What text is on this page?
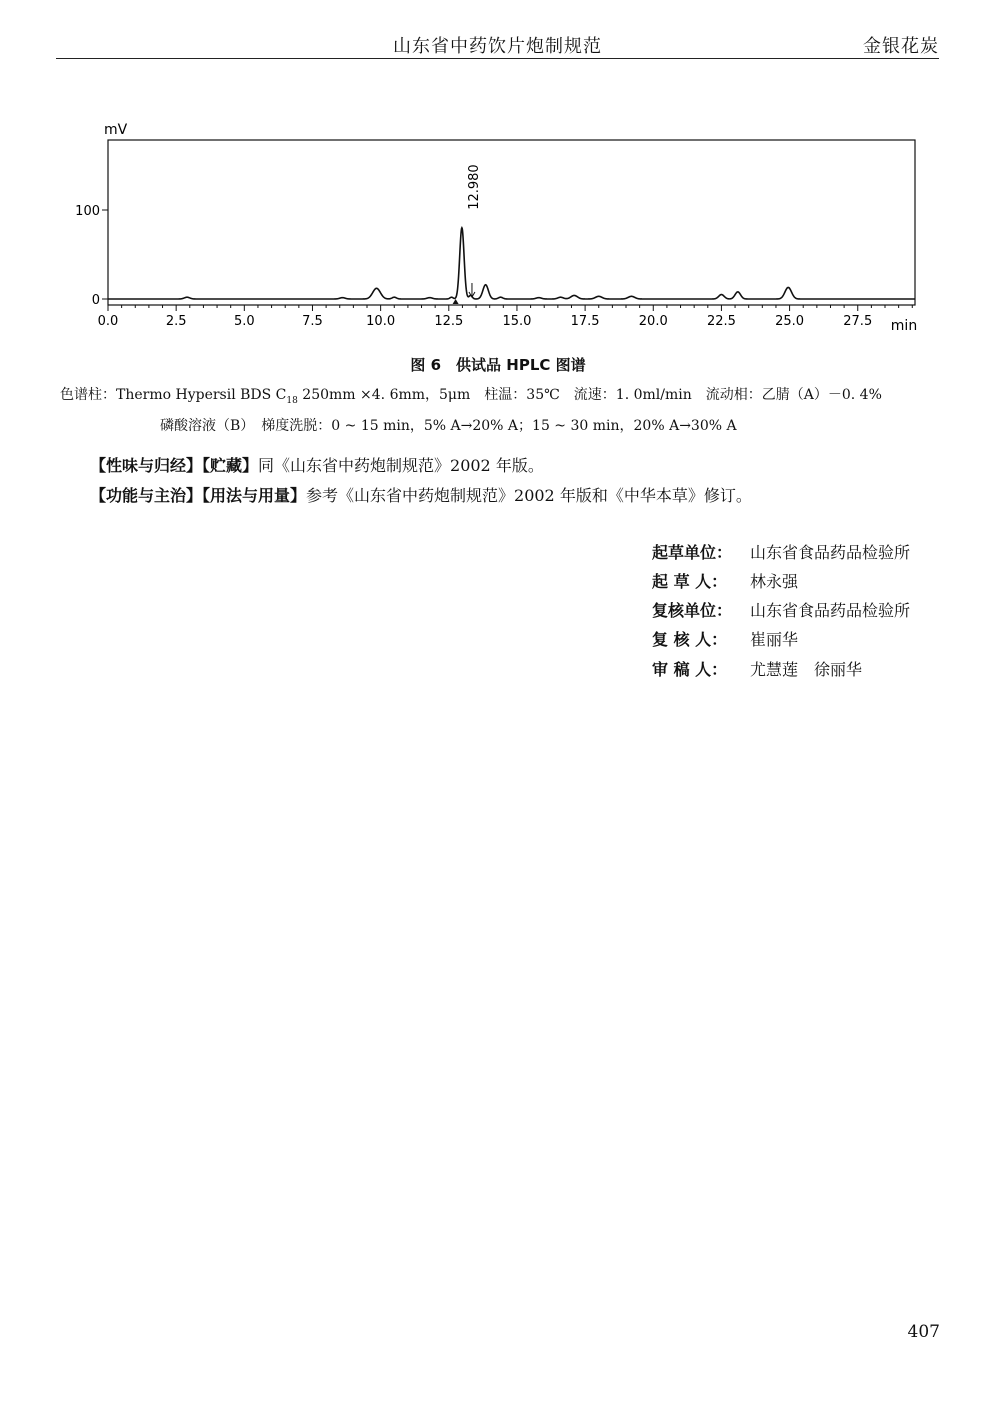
山东省中药饮片炮制规范	金银花炭
0.0	2.5	5.0	7.5	10.0	12.5	15.0	17.5	20.0	22.5	25.0	27.5
0
100
mV
min
12.980
图 6　供试品 HPLC 图谱
色谱柱：Thermo Hypersil BDS $C_{18}$ 250mm ×4. 6mm，5μm　柱温：35℃　流速：1. 0ml/min　流动相：乙腈（A）－0. 4%
磷酸溶液（B）　梯度洗脱：0 ~ 15 min，5% A→20% A；15 ~ 30 min，20% A→30% A
【性味与归经】【贮藏】同《山东省中药炮制规范》2002 年版。
【功能与主治】【用法与用量】参考《山东省中药炮制规范》2002 年版和《中华本草》修订。
起草单位： 山东省食品药品检验所
起 草 人： 林永强
复核单位： 山东省食品药品检验所
复 核 人： 崔丽华
审 稿 人： 尤慧莲　徐丽华
407
